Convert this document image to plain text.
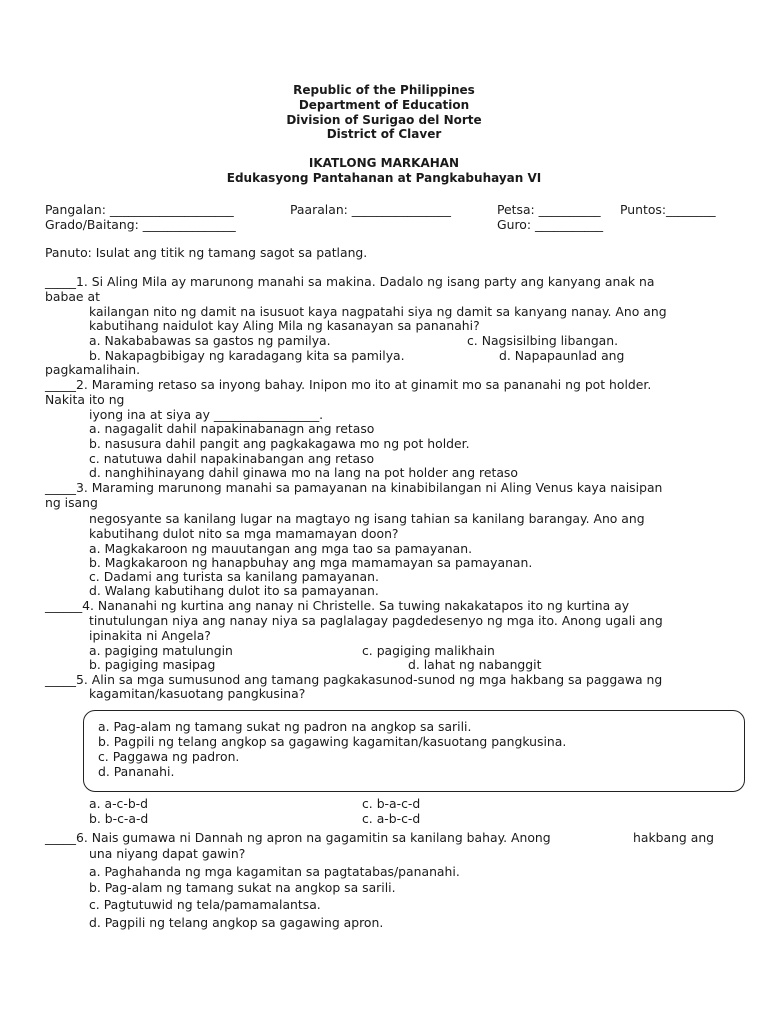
Republic of the Philippines
Department of Education
Division of Surigao del Norte
District of Claver
IKATLONG MARKAHAN
Edukasyong Pantahanan at Pangkabuhayan VI
Pangalan: ____________________	Paaralan: ________________	Petsa: __________ Puntos:________
Grado/Baitang: _______________	Guro: ___________
Panuto: Isulat ang titik ng tamang sagot sa patlang.
_____1. Si Aling Mila ay marunong manahi sa makina. Dadalo ng isang party ang kanyang anak na
babae at
kailangan nito ng damit na isusuot kaya nagpatahi siya ng damit sa kanyang nanay. Ano ang
kabutihang naidulot kay Aling Mila ng kasanayan sa pananahi?
a. Nakababawas sa gastos ng pamilya.	c. Nagsisilbing libangan.
b. Nakapagbibigay ng karadagang kita sa pamilya.	d. Napapaunlad ang
pagkamalihain.
_____2. Maraming retaso sa inyong bahay. Inipon mo ito at ginamit mo sa pananahi ng pot holder.
Nakita ito ng
iyong ina at siya ay _________________.
a. nagagalit dahil napakinabanagn ang retaso
b. nasusura dahil pangit ang pagkakagawa mo ng pot holder.
c. natutuwa dahil napakinabangan ang retaso
d. nanghihinayang dahil ginawa mo na lang na pot holder ang retaso
_____3. Maraming marunong manahi sa pamayanan na kinabibilangan ni Aling Venus kaya naisipan
ng isang
negosyante sa kanilang lugar na magtayo ng isang tahian sa kanilang barangay. Ano ang
kabutihang dulot nito sa mga mamamayan doon?
a. Magkakaroon ng mauutangan ang mga tao sa pamayanan.
b. Magkakaroon ng hanapbuhay ang mga mamamayan sa pamayanan.
c. Dadami ang turista sa kanilang pamayanan.
d. Walang kabutihang dulot ito sa pamayanan.
______4. Nananahi ng kurtina ang nanay ni Christelle. Sa tuwing nakakatapos ito ng kurtina ay
tinutulungan niya ang nanay niya sa paglalagay pagdedesenyo ng mga ito. Anong ugali ang
ipinakita ni Angela?
a. pagiging matulungin	c. pagiging malikhain
b. pagiging masipag	d. lahat ng nabanggit
_____5. Alin sa mga sumusunod ang tamang pagkakasunod-sunod ng mga hakbang sa paggawa ng
kagamitan/kasuotang pangkusina?
a. Pag-alam ng tamang sukat ng padron na angkop sa sarili.
b. Pagpili ng telang angkop sa gagawing kagamitan/kasuotang pangkusina.
c. Paggawa ng padron.
d. Pananahi.
a. a-c-b-d	c. b-a-c-d
b. b-c-a-d	c. a-b-c-d
_____6. Nais gumawa ni Dannah ng apron na gagamitin sa kanilang bahay. Anong	hakbang ang
una niyang dapat gawin?
a. Paghahanda ng mga kagamitan sa pagtatabas/pananahi.
b. Pag-alam ng tamang sukat na angkop sa sarili.
c. Pagtutuwid ng tela/pamamalantsa.
d. Pagpili ng telang angkop sa gagawing apron.
